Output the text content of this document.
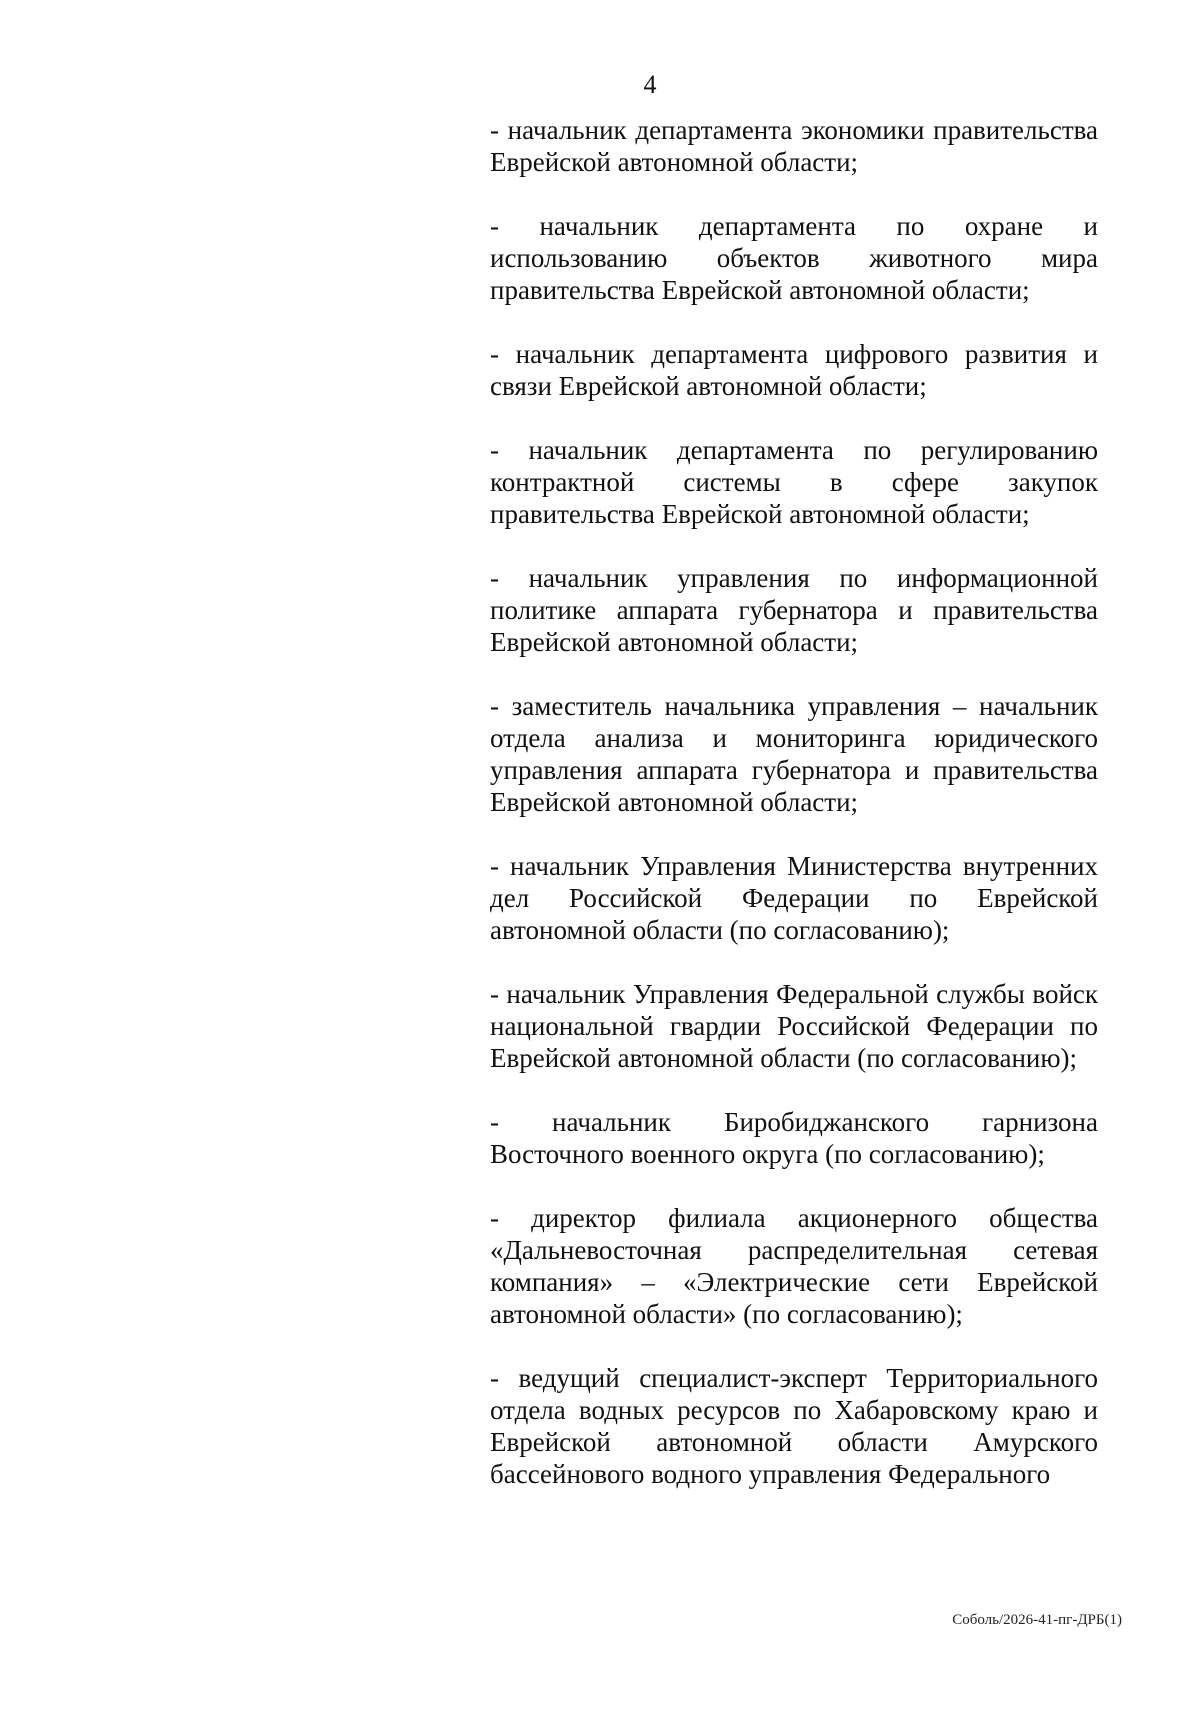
4

- начальник департамента экономики правительства Еврейской автономной области;

- начальник департамента по охране и использованию объектов животного мира правительства Еврейской автономной области;

- начальник департамента цифрового развития и связи Еврейской автономной области;

- начальник департамента по регулированию контрактной системы в сфере закупок правительства Еврейской автономной области;

- начальник управления по информационной политике аппарата губернатора и правительства Еврейской автономной области;

- заместитель начальника управления – начальник отдела анализа и мониторинга юридического управления аппарата губернатора и правительства Еврейской автономной области;

- начальник Управления Министерства внутренних дел Российской Федерации по Еврейской автономной области (по согласованию);

- начальник Управления Федеральной службы войск национальной гвардии Российской Федерации по Еврейской автономной области (по согласованию);

- начальник Биробиджанского гарнизона Восточного военного округа (по согласованию);

- директор филиала акционерного общества «Дальневосточная распределительная сетевая компания» – «Электрические сети Еврейской автономной области» (по согласованию);

- ведущий специалист-эксперт Территориального отдела водных ресурсов по Хабаровскому краю и Еврейской автономной области Амурского бассейнового водного управления Федерального

Соболь/2026-41-пг-ДРБ(1)
